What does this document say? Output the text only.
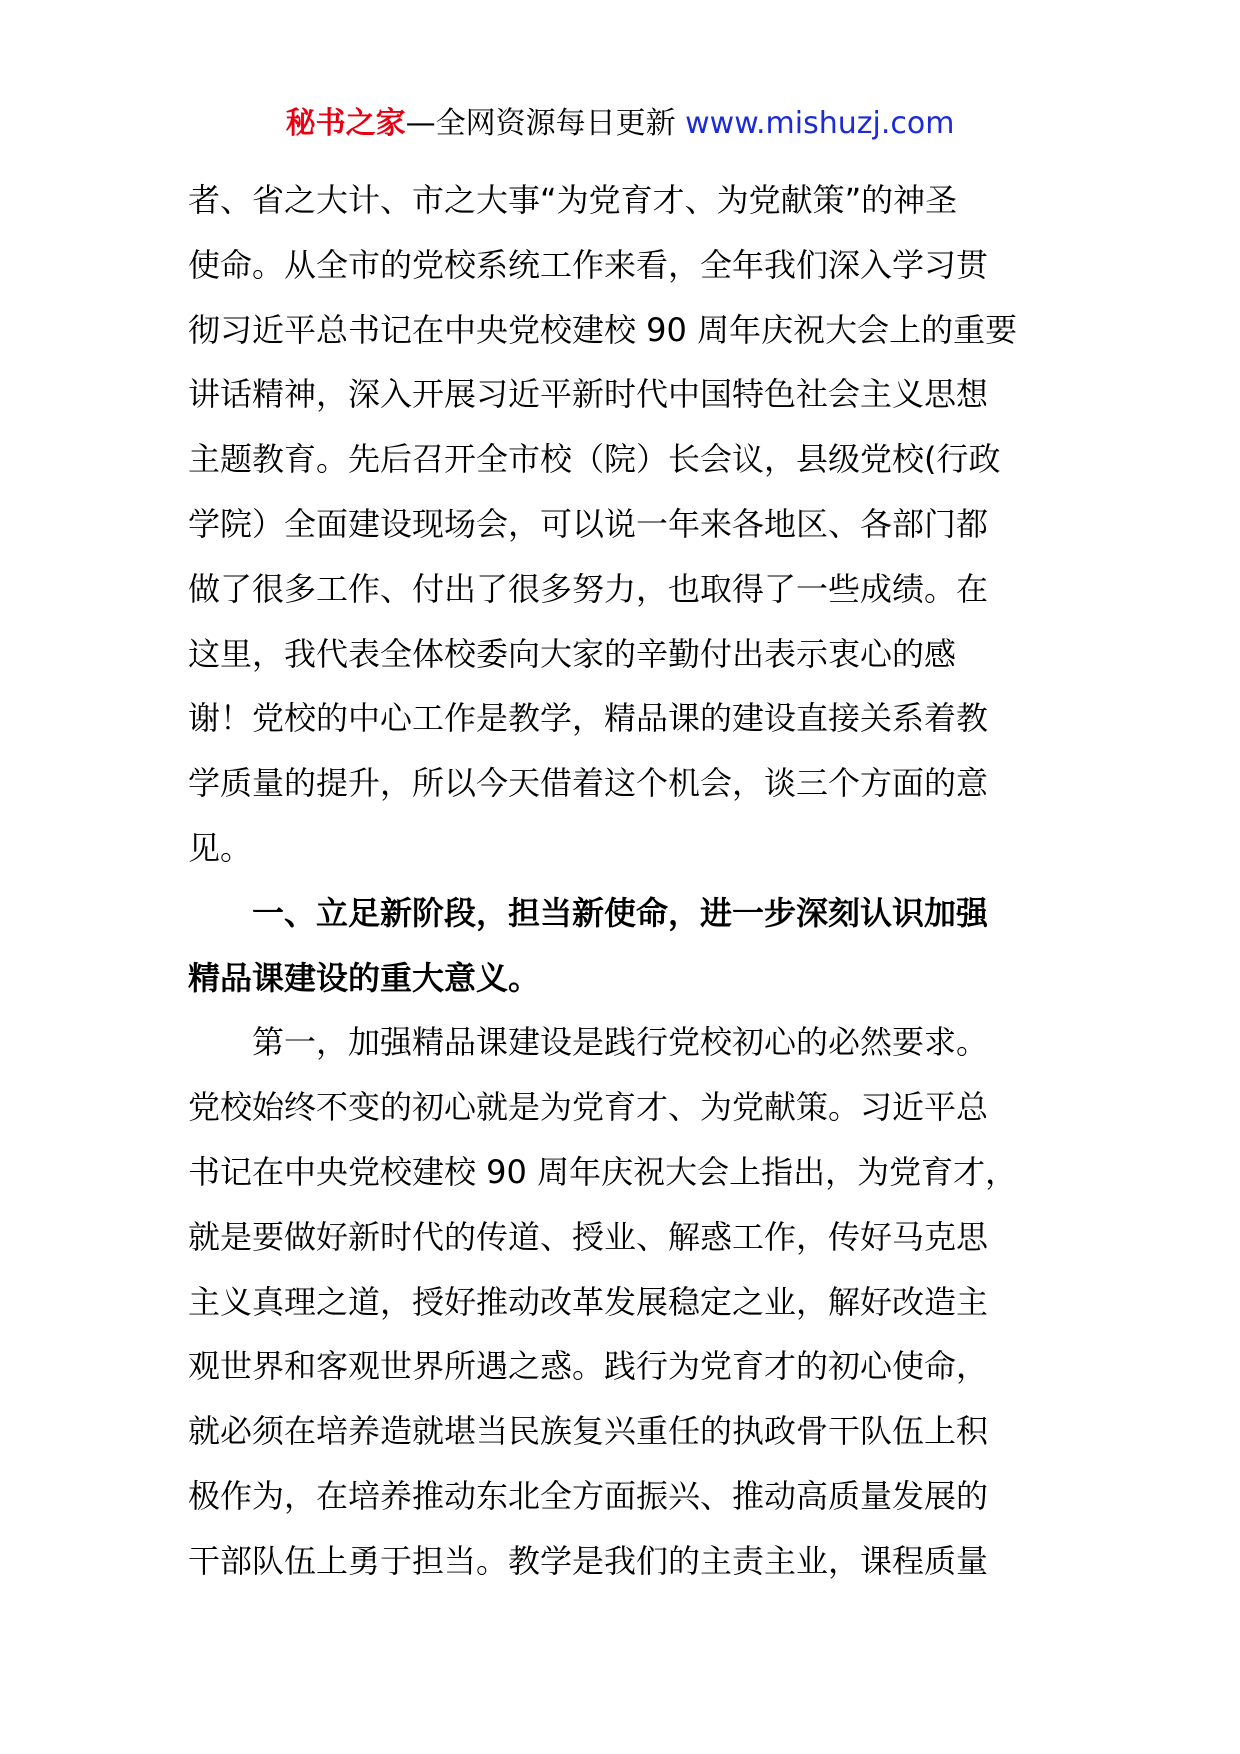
秘书之家—全网资源每日更新 www.mishuzj.com
者、省之大计、市之大事“为党育才、为党献策”的神圣
使命。从全市的党校系统工作来看，全年我们深入学习贯
彻习近平总书记在中央党校建校 90 周年庆祝大会上的重要
讲话精神，深入开展习近平新时代中国特色社会主义思想
主题教育。先后召开全市校（院）长会议，县级党校(行政
学院）全面建设现场会，可以说一年来各地区、各部门都
做了很多工作、付出了很多努力，也取得了一些成绩。在
这里，我代表全体校委向大家的辛勤付出表示衷心的感
谢！党校的中心工作是教学，精品课的建设直接关系着教
学质量的提升，所以今天借着这个机会，谈三个方面的意
见。
一、立足新阶段，担当新使命，进一步深刻认识加强
精品课建设的重大意义。
第一，加强精品课建设是践行党校初心的必然要求。
党校始终不变的初心就是为党育才、为党献策。习近平总
书记在中央党校建校 90 周年庆祝大会上指出，为党育才，
就是要做好新时代的传道、授业、解惑工作，传好马克思
主义真理之道，授好推动改革发展稳定之业，解好改造主
观世界和客观世界所遇之惑。践行为党育才的初心使命，
就必须在培养造就堪当民族复兴重任的执政骨干队伍上积
极作为，在培养推动东北全方面振兴、推动高质量发展的
干部队伍上勇于担当。教学是我们的主责主业，课程质量
